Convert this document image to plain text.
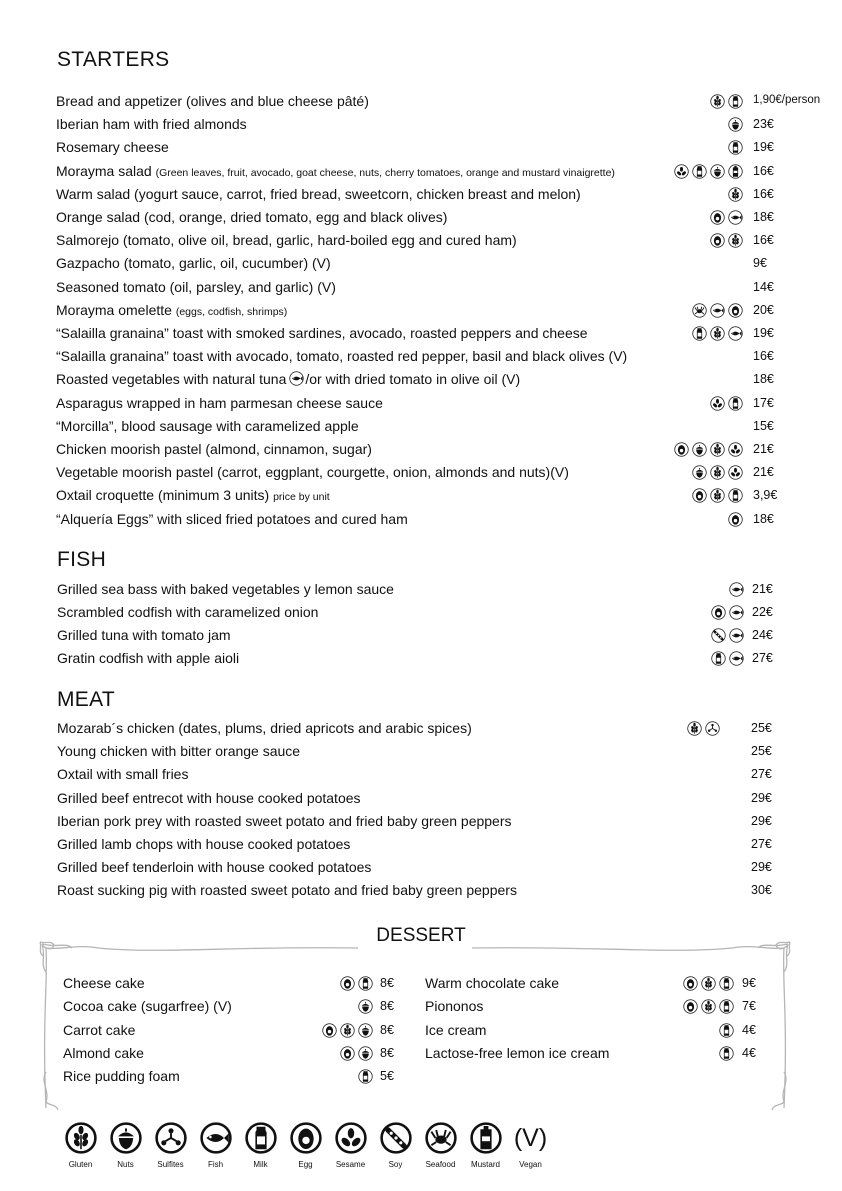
STARTERS
FISH
MEAT
Bread and appetizer (olives and blue cheese pâté)	1,90€/person
Iberian ham with fried almonds	23€
Rosemary cheese	19€
Morayma salad (Green leaves, fruit, avocado, goat cheese, nuts, cherry tomatoes, orange and mustard vinaigrette)	16€
Warm salad (yogurt sauce, carrot, fried bread, sweetcorn, chicken breast and melon)	16€
Orange salad (cod, orange, dried tomato, egg and black olives)	18€
Salmorejo (tomato, olive oil, bread, garlic, hard-boiled egg and cured ham)	16€
Gazpacho (tomato, garlic, oil, cucumber) (V)	9€
Seasoned tomato (oil, parsley, and garlic) (V)	14€
Morayma omelette (eggs, codfish, shrimps)	20€
“Salailla granaina” toast with smoked sardines, avocado, roasted peppers and cheese	19€
“Salailla granaina” toast with avocado, tomato, roasted red pepper, basil and black olives (V)	16€
Roasted vegetables with natural tuna /or with dried tomato in olive oil (V)	18€
Asparagus wrapped in ham parmesan cheese sauce	17€
“Morcilla”, blood sausage with caramelized apple	15€
Chicken moorish pastel (almond, cinnamon, sugar)	21€
Vegetable moorish pastel (carrot, eggplant, courgette, onion, almonds and nuts)(V)	21€
Oxtail croquette (minimum 3 units) price by unit	3,9€
“Alquería Eggs” with sliced fried potatoes and cured ham	18€
Grilled sea bass with baked vegetables y lemon sauce	21€
Scrambled codfish with caramelized onion	22€
Grilled tuna with tomato jam	24€
Gratin codfish with apple aioli	27€
Mozarab´s chicken (dates, plums, dried apricots and arabic spices)	25€
Young chicken with bitter orange sauce	25€
Oxtail with small fries	27€
Grilled beef entrecot with house cooked potatoes	29€
Iberian pork prey with roasted sweet potato and fried baby green peppers	29€
Grilled lamb chops with house cooked potatoes	27€
Grilled beef tenderloin with house cooked potatoes	29€
Roast sucking pig with roasted sweet potato and fried baby green peppers	30€
DESSERT
Cheese cake	8€
Cocoa cake (sugarfree) (V)	8€
Carrot cake	8€
Almond cake	8€
Rice pudding foam	5€
Warm chocolate cake	9€
Piononos	7€
Ice cream	4€
Lactose-free lemon ice cream	4€
Gluten	Nuts	Sulfites	Fish	Milk	Egg	Sesame	Soy	Seafood	Mustard
(V)
Vegan
